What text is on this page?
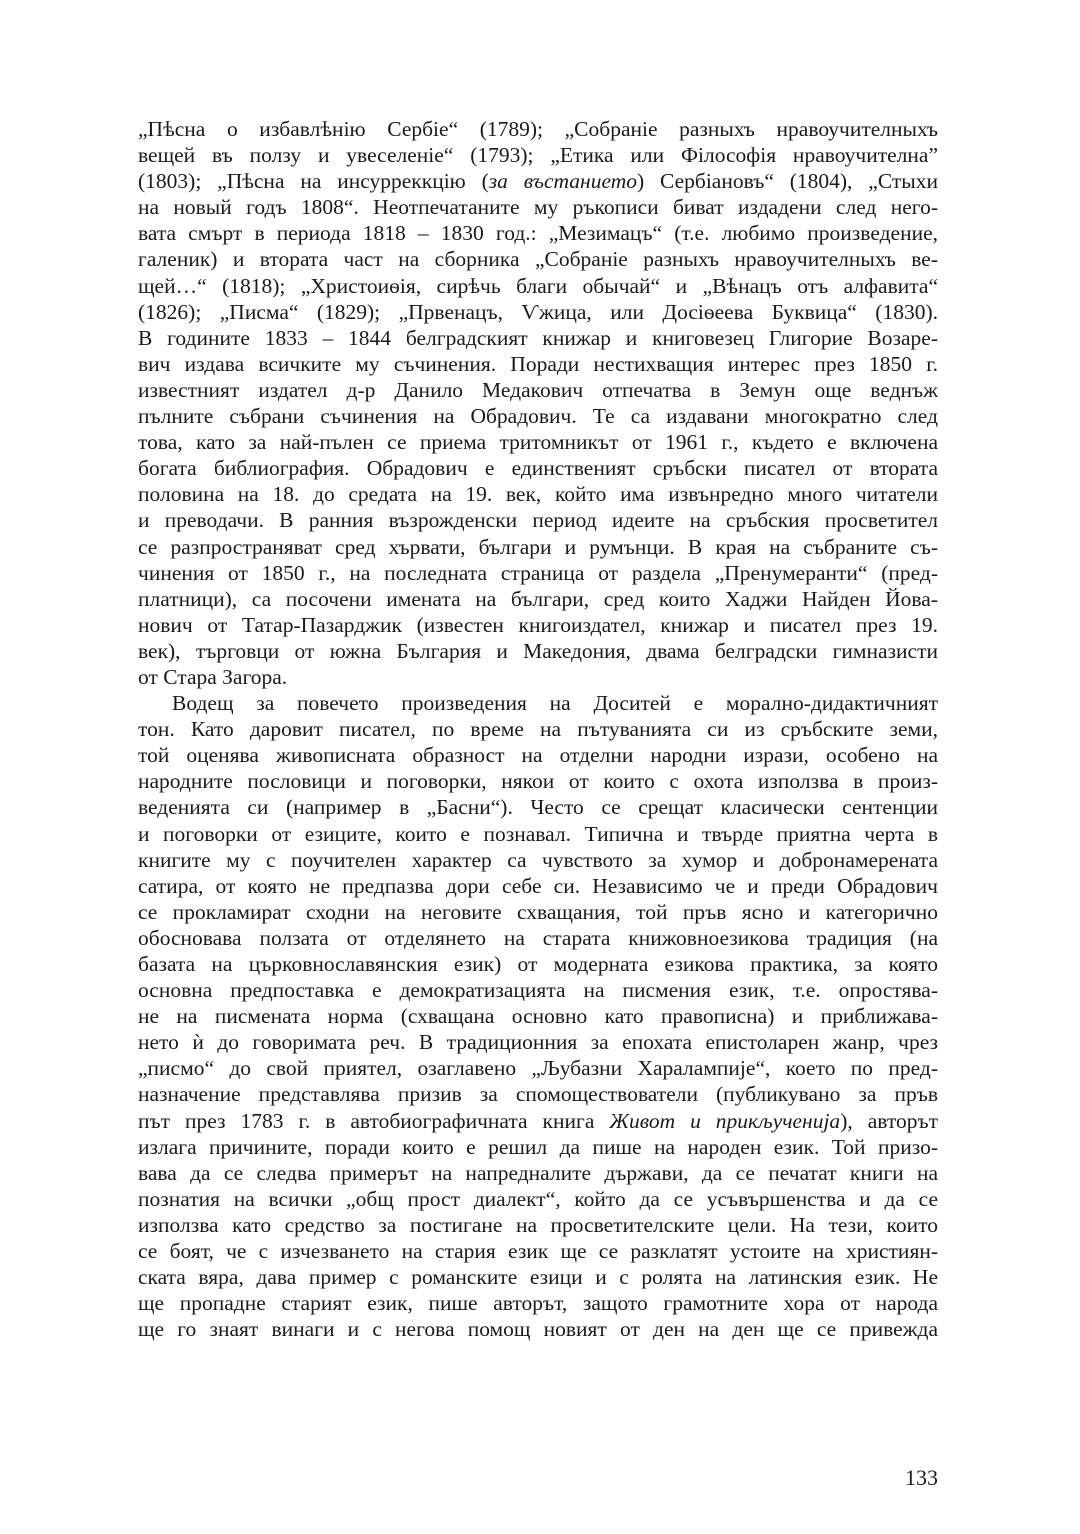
„Пѣсна о избавлѣнію Сербіе“ (1789); „Собраніе разныхъ нравоучителныхъ
вещей въ ползу и увеселеніе“ (1793); „Етика или Філософія нравоучителна”
(1803); „Пѣсна на инсурреккцію (за въстанието) Сербіановъ“ (1804), „Стыхи
на новый годъ 1808“. Неотпечатаните му ръкописи биват издадени след него-
вата смърт в периода 1818 – 1830 год.: „Мезимацъ“ (т.е. любимо произведение,
галеник) и втората част на сборника „Собраніе разныхъ нравоучителныхъ ве-
щей…“ (1818); „Христоиѳія, сирѣчь благи обычай“ и „Вѣнацъ отъ алфавита“
(1826); „Писма“ (1829); „Првенацъ, Ѵжица, или Досіѳеева Буквица“ (1830).
В годините 1833 – 1844 белградският книжар и книговезец Глигорие Возаре-
вич издава всичките му съчинения. Поради нестихващия интерес през 1850 г.
известният издател д-р Данило Медакович отпечатва в Земун още веднъж
пълните събрани съчинения на Обрадович. Те са издавани многократно след
това, като за най-пълен се приема тритомникът от 1961 г., където е включена
богата библиография. Обрадович е единственият сръбски писател от втората
половина на 18. до средата на 19. век, който има извънредно много читатели
и преводачи. В ранния възрожденски период идеите на сръбския просветител
се разпространяват сред хървати, българи и румънци. В края на събраните съ-
чинения от 1850 г., на последната страница от раздела „Пренумеранти“ (пред-
платници), са посочени имената на българи, сред които Хаджи Найден Йова-
нович от Татар-Пазарджик (известен книгоиздател, книжар и писател през 19.
век), търговци от южна България и Македония, двама белградски гимназисти
от Стара Загора.
Водещ за повечето произведения на Доситей е морално-дидактичният
тон. Като даровит писател, по време на пътуванията си из сръбските земи,
той оценява живописната образност на отделни народни изрази, особено на
народните пословици и поговорки, някои от които с охота използва в произ-
веденията си (например в „Басни“). Често се срещат класически сентенции
и поговорки от езиците, които е познавал. Типична и твърде приятна черта в
книгите му с поучителен характер са чувството за хумор и добронамерената
сатира, от която не предпазва дори себе си. Независимо че и преди Обрадович
се прокламират сходни на неговите схващания, той пръв ясно и категорично
обосновава ползата от отделянето на старата книжовноезикова традиция (на
базата на църковнославянския език) от модерната езикова практика, за която
основна предпоставка е демократизацията на писмения език, т.е. опростява-
не на писмената норма (схващана основно като правописна) и приближава-
нето ѝ до говоримата реч. В традиционния за епохата епистоларен жанр, чрез
„писмо“ до свой приятел, озаглавено „Љубазни Харалампије“, което по пред-
назначение представлява призив за спомоществователи (публикувано за пръв
път през 1783 г. в автобиографичната книга Живот и прикљученија), авторът
излага причините, поради които е решил да пише на народен език. Той призо-
вава да се следва примерът на напредналите държави, да се печатат книги на
познатия на всички „общ прост диалект“, който да се усъвършенства и да се
използва като средство за постигане на просветителските цели. На тези, които
се боят, че с изчезването на стария език ще се разклатят устоите на християн-
ската вяра, дава пример с романските езици и с ролята на латинския език. Не
ще пропадне старият език, пише авторът, защото грамотните хора от народа
ще го знаят винаги и с негова помощ новият от ден на ден ще се привежда
133
